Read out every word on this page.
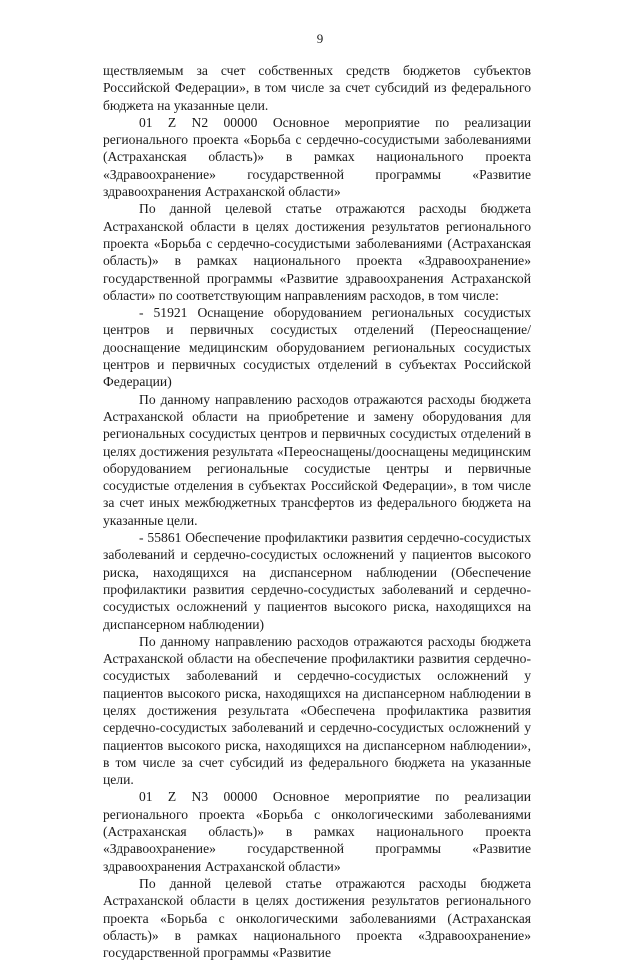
9

ществляемым за счет собственных средств бюджетов субъектов Российской Федерации», в том числе за счет субсидий из федерального бюджета на указанные цели.

01 Z N2 00000 Основное мероприятие по реализации регионального проекта «Борьба с сердечно-сосудистыми заболеваниями (Астраханская область)» в рамках национального проекта «Здравоохранение» государственной программы «Развитие здравоохранения Астраханской области»

По данной целевой статье отражаются расходы бюджета Астраханской области в целях достижения результатов регионального проекта «Борьба с сердечно-сосудистыми заболеваниями (Астраханская область)» в рамках национального проекта «Здравоохранение» государственной программы «Развитие здравоохранения Астраханской области» по соответствующим направлениям расходов, в том числе:

- 51921 Оснащение оборудованием региональных сосудистых центров и первичных сосудистых отделений (Переоснащение/дооснащение медицинским оборудованием региональных сосудистых центров и первичных сосудистых отделений в субъектах Российской Федерации)

По данному направлению расходов отражаются расходы бюджета Астраханской области на приобретение и замену оборудования для региональных сосудистых центров и первичных сосудистых отделений в целях достижения результата «Переоснащены/дооснащены медицинским оборудованием региональные сосудистые центры и первичные сосудистые отделения в субъектах Российской Федерации», в том числе за счет иных межбюджетных трансфертов из федерального бюджета на указанные цели.

- 55861 Обеспечение профилактики развития сердечно-сосудистых заболеваний и сердечно-сосудистых осложнений у пациентов высокого риска, находящихся на диспансерном наблюдении (Обеспечение профилактики развития сердечно-сосудистых заболеваний и сердечно-сосудистых осложнений у пациентов высокого риска, находящихся на диспансерном наблюдении)

По данному направлению расходов отражаются расходы бюджета Астраханской области на обеспечение профилактики развития сердечно-сосудистых заболеваний и сердечно-сосудистых осложнений у пациентов высокого риска, находящихся на диспансерном наблюдении в целях достижения результата «Обеспечена профилактика развития сердечно-сосудистых заболеваний и сердечно-сосудистых осложнений у пациентов высокого риска, находящихся на диспансерном наблюдении», в том числе за счет субсидий из федерального бюджета на указанные цели.

01 Z N3 00000 Основное мероприятие по реализации регионального проекта «Борьба с онкологическими заболеваниями (Астраханская область)» в рамках национального проекта «Здравоохранение» государственной программы «Развитие здравоохранения Астраханской области»

По данной целевой статье отражаются расходы бюджета Астраханской области в целях достижения результатов регионального проекта «Борьба с онкологическими заболеваниями (Астраханская область)» в рамках национального проекта «Здравоохранение» государственной программы «Развитие
